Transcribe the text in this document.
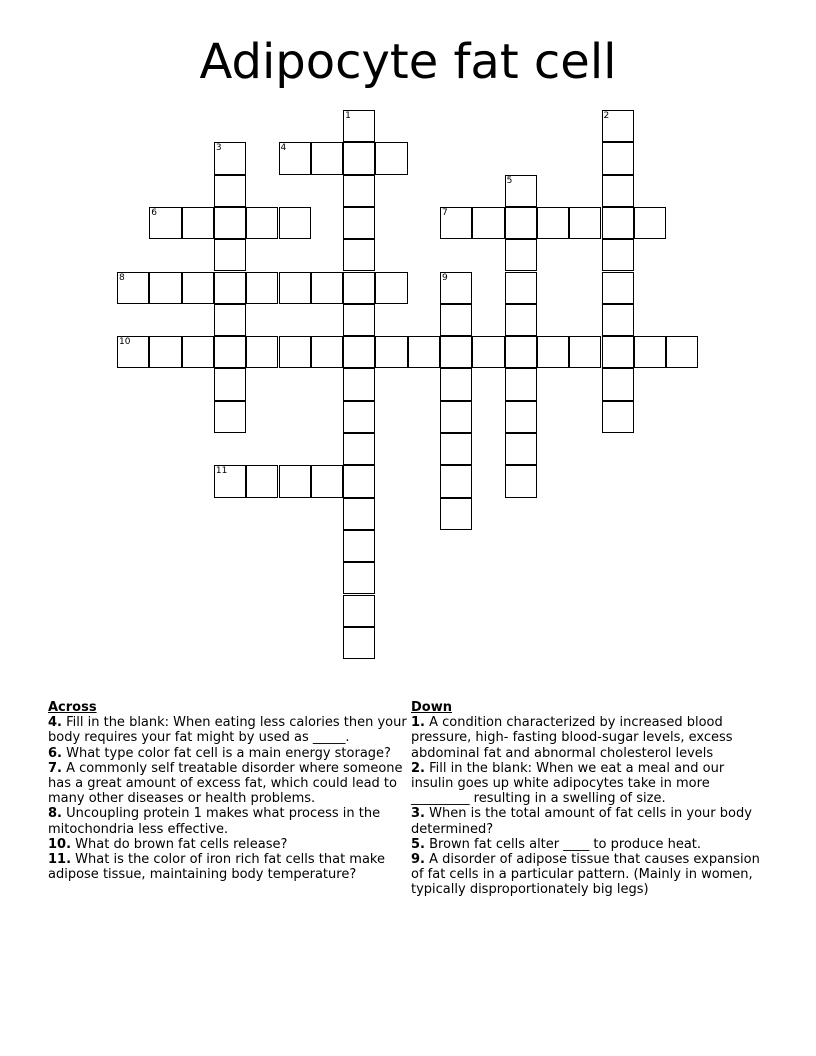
Adipocyte fat cell
1	2
3	4
5
6	7
8	9
10
11
Across

4. Fill in the blank: When eating less calories then your body requires your fat might by used as _____.

6. What type color fat cell is a main energy storage?

7. A commonly self treatable disorder where someone has a great amount of excess fat, which could lead to many other diseases or health problems.

8. Uncoupling protein 1 makes what process in the mitochondria less effective.

10. What do brown fat cells release?

11. What is the color of iron rich fat cells that make adipose tissue, maintaining body temperature?

Down

1. A condition characterized by increased blood pressure, high- fasting blood-sugar levels, excess abdominal fat and abnormal cholesterol levels

2. Fill in the blank: When we eat a meal and our insulin goes up white adipocytes take in more _________ resulting in a swelling of size.

3. When is the total amount of fat cells in your body determined?

5. Brown fat cells alter ____ to produce heat.

9. A disorder of adipose tissue that causes expansion of fat cells in a particular pattern. (Mainly in women, typically disproportionately big legs)
